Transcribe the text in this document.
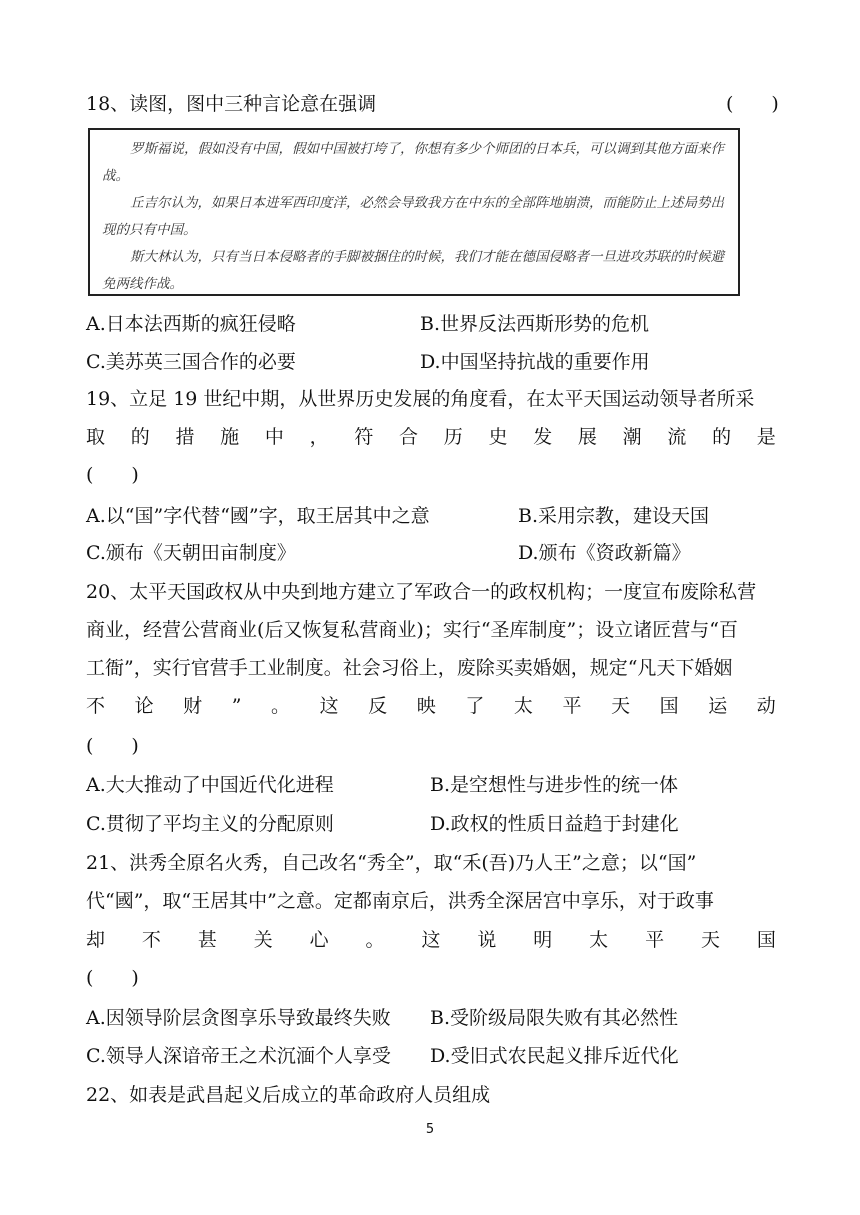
18、读图，图中三种言论意在强调	(　　)

罗斯福说，假如没有中国，假如中国被打垮了，你想有多少个师团的日本兵，可以调到其他方面来作战。

丘吉尔认为，如果日本进军西印度洋，必然会导致我方在中东的全部阵地崩溃，而能防止上述局势出现的只有中国。

斯大林认为，只有当日本侵略者的手脚被捆住的时候，我们才能在德国侵略者一旦进攻苏联的时候避免两线作战。

A.日本法西斯的疯狂侵略	B.世界反法西斯形势的危机
C.美苏英三国合作的必要	D.中国坚持抗战的重要作用
19、立足 19 世纪中期，从世界历史发展的角度看，在太平天国运动领导者所采
取 的 措 施 中 ， 符 合 历 史 发 展 潮 流 的 是
(　　)
A.以“国”字代替“國”字，取王居其中之意	B.采用宗教，建设天国
C.颁布《天朝田亩制度》	D.颁布《资政新篇》
20、太平天国政权从中央到地方建立了军政合一的政权机构；一度宣布废除私营
商业，经营公营商业(后又恢复私营商业)；实行“圣库制度”；设立诸匠营与“百
工衙”，实行官营手工业制度。社会习俗上，废除买卖婚姻，规定“凡天下婚姻
不 论 财 ” 。 这 反 映 了 太 平 天 国 运 动
(　　)
A.大大推动了中国近代化进程	B.是空想性与进步性的统一体
C.贯彻了平均主义的分配原则	D.政权的性质日益趋于封建化
21、洪秀全原名火秀，自己改名“秀全”，取“禾(吾)乃人王”之意；以“国”
代“國”，取“王居其中”之意。定都南京后，洪秀全深居宫中享乐，对于政事
却 不 甚 关 心 。 这 说 明 太 平 天 国
(　　)
A.因领导阶层贪图享乐导致最终失败 B.受阶级局限失败有其必然性
C.领导人深谙帝王之术沉湎个人享受 D.受旧式农民起义排斥近代化
22、如表是武昌起义后成立的革命政府人员组成
5
